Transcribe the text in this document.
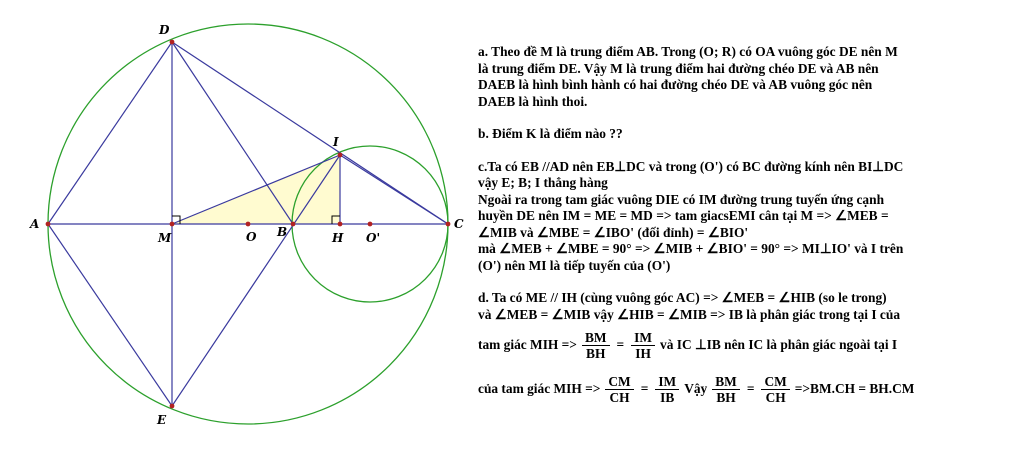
A
D
E
M	O B	H O'
C
I

a. Theo đề M là trung điểm AB. Trong (O; R) có OA vuông góc DE nên M

là trung điểm DE. Vậy M là trung điểm hai đường chéo DE và AB nên

DAEB là hình bình hành có hai đường chéo DE và AB vuông góc nên

DAEB là hình thoi.

b. Điểm K là điểm nào ??

c.Ta có EB //AD nên EB⊥DC và trong (O') có BC đường kính nên BI⊥DC

vậy E; B; I thẳng hàng

Ngoài ra trong tam giác vuông DIE có IM đường trung tuyến ứng cạnh

huyền DE nên IM = ME = MD => tam giacsEMI cân tại M => ∠MEB =

∠MIB và ∠MBE = ∠IBO' (đối đỉnh) = ∠BIO'

mà ∠MEB + ∠MBE = 90° => ∠MIB + ∠BIO' = 90° => MI⊥IO' và I trên

(O') nên MI là tiếp tuyến của (O')

d. Ta có ME // IH (cùng vuông góc AC) => ∠MEB = ∠HIB (so le trong)

và ∠MEB = ∠MIB vậy ∠HIB = ∠MIB => IB là phân giác trong tại I của

tam giác MIH => $\frac{BM}{BH} = \frac{IM}{IH}$ và IC ⊥IB nên IC là phân giác ngoài tại I
của tam giác MIH => $\frac{CM}{CH} = \frac{IM}{IB}$ Vậy $\frac{BM}{BH} = \frac{CM}{CH} =>BM.CH = BH.CM$
